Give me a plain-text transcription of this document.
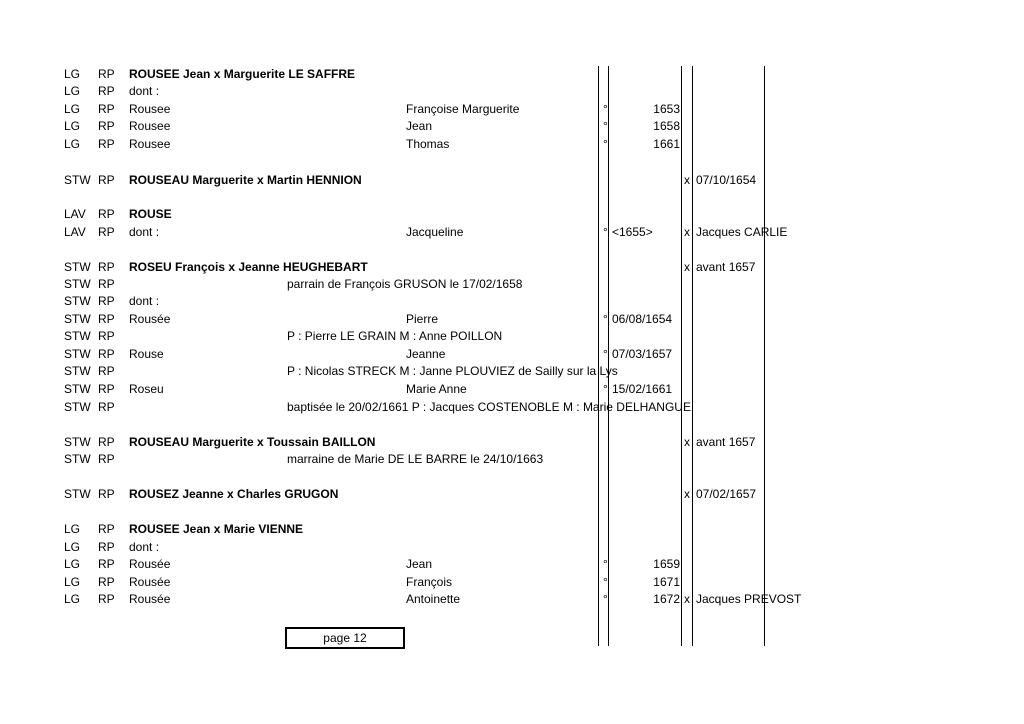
LG RP ROUSEE Jean x Marguerite LE SAFFRE
LG RP dont :
LG RP Rousee	Françoise Marguerite	°	1653
LG RP Rousee	Jean	°	1658
LG RP Rousee	Thomas	°	1661
STW RP ROUSEAU Marguerite x Martin HENNION	x 07/10/1654
LAV RP ROUSE
LAV RP dont :	Jacqueline	° <1655>	x Jacques CARLIE
STW RP ROSEU François x Jeanne HEUGHEBART	x avant 1657
STW RP	parrain de François GRUSON le 17/02/1658
STW RP dont :
STW RP Rousée	Pierre	° 06/08/1654
STW RP	P : Pierre LE GRAIN M : Anne POILLON
STW RP Rouse	Jeanne	° 07/03/1657
STW RP	P : Nicolas STRECK M : Janne PLOUVIEZ de Sailly sur la Lys
STW RP Roseu	Marie Anne	° 15/02/1661
STW RP	baptisée le 20/02/1661 P : Jacques COSTENOBLE M : Marie DELHANGUE
STW RP ROUSEAU Marguerite x Toussain BAILLON	x avant 1657
STW RP	marraine de Marie DE LE BARRE le 24/10/1663
STW RP ROUSEZ Jeanne x Charles GRUGON	x 07/02/1657
LG RP ROUSEE Jean x Marie VIENNE
LG RP dont :
LG RP Rousée	Jean	°	1659
LG RP Rousée	François	°	1671
LG RP Rousée	Antoinette	°	1672 x Jacques PREVOST
page 12
